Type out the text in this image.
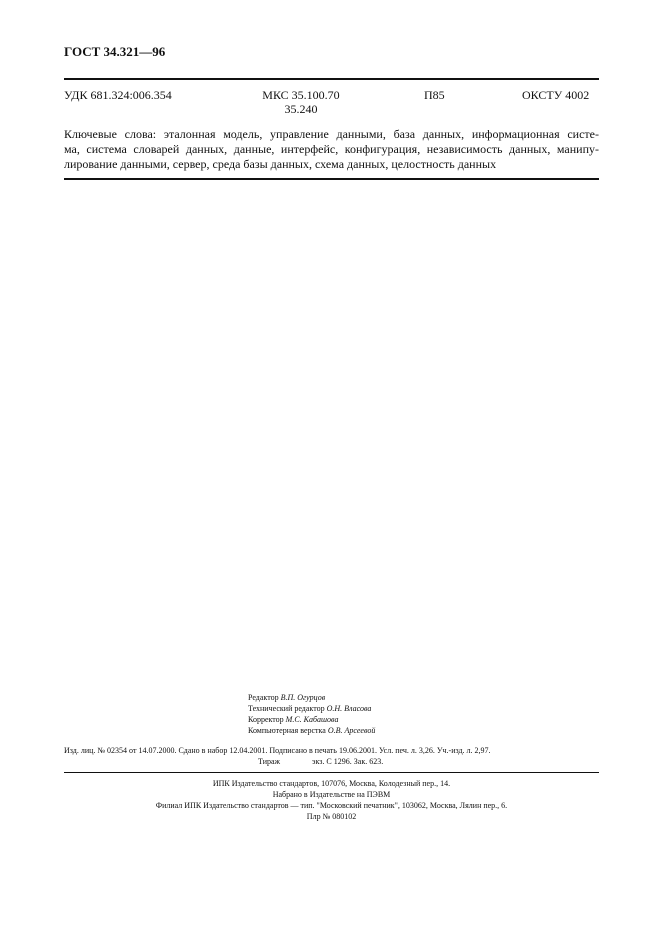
ГОСТ 34.321—96
УДК 681.324:006.354	МКС 35.100.70
35.240
П85	ОКСТУ 4002
Ключевые слова: эталонная модель, управление данными, база данных, информационная систе-
ма, система словарей данных, данные, интерфейс, конфигурация, независимость данных, манипу-
лирование данными, сервер, среда базы данных, схема данных, целостность данных
Редактор В.П. Огурцов
Технический редактор О.Н. Власова
Корректор М.С. Кабашова
Компьютерная верстка О.В. Арсеевой
Изд. лиц. № 02354 от 14.07.2000. Сдано в набор 12.04.2001. Подписано в печать 19.06.2001. Усл. печ. л. 3,26. Уч.-изд. л. 2,97.
Тираж                экз. С 1296. Зак. 623.
ИПК Издательство стандартов, 107076, Москва, Колодезный пер., 14.
Набрано в Издательстве на ПЭВМ
Филиал ИПК Издательство стандартов — тип. "Московский печатник", 103062, Москва, Лялин пер., 6.
Плр № 080102
